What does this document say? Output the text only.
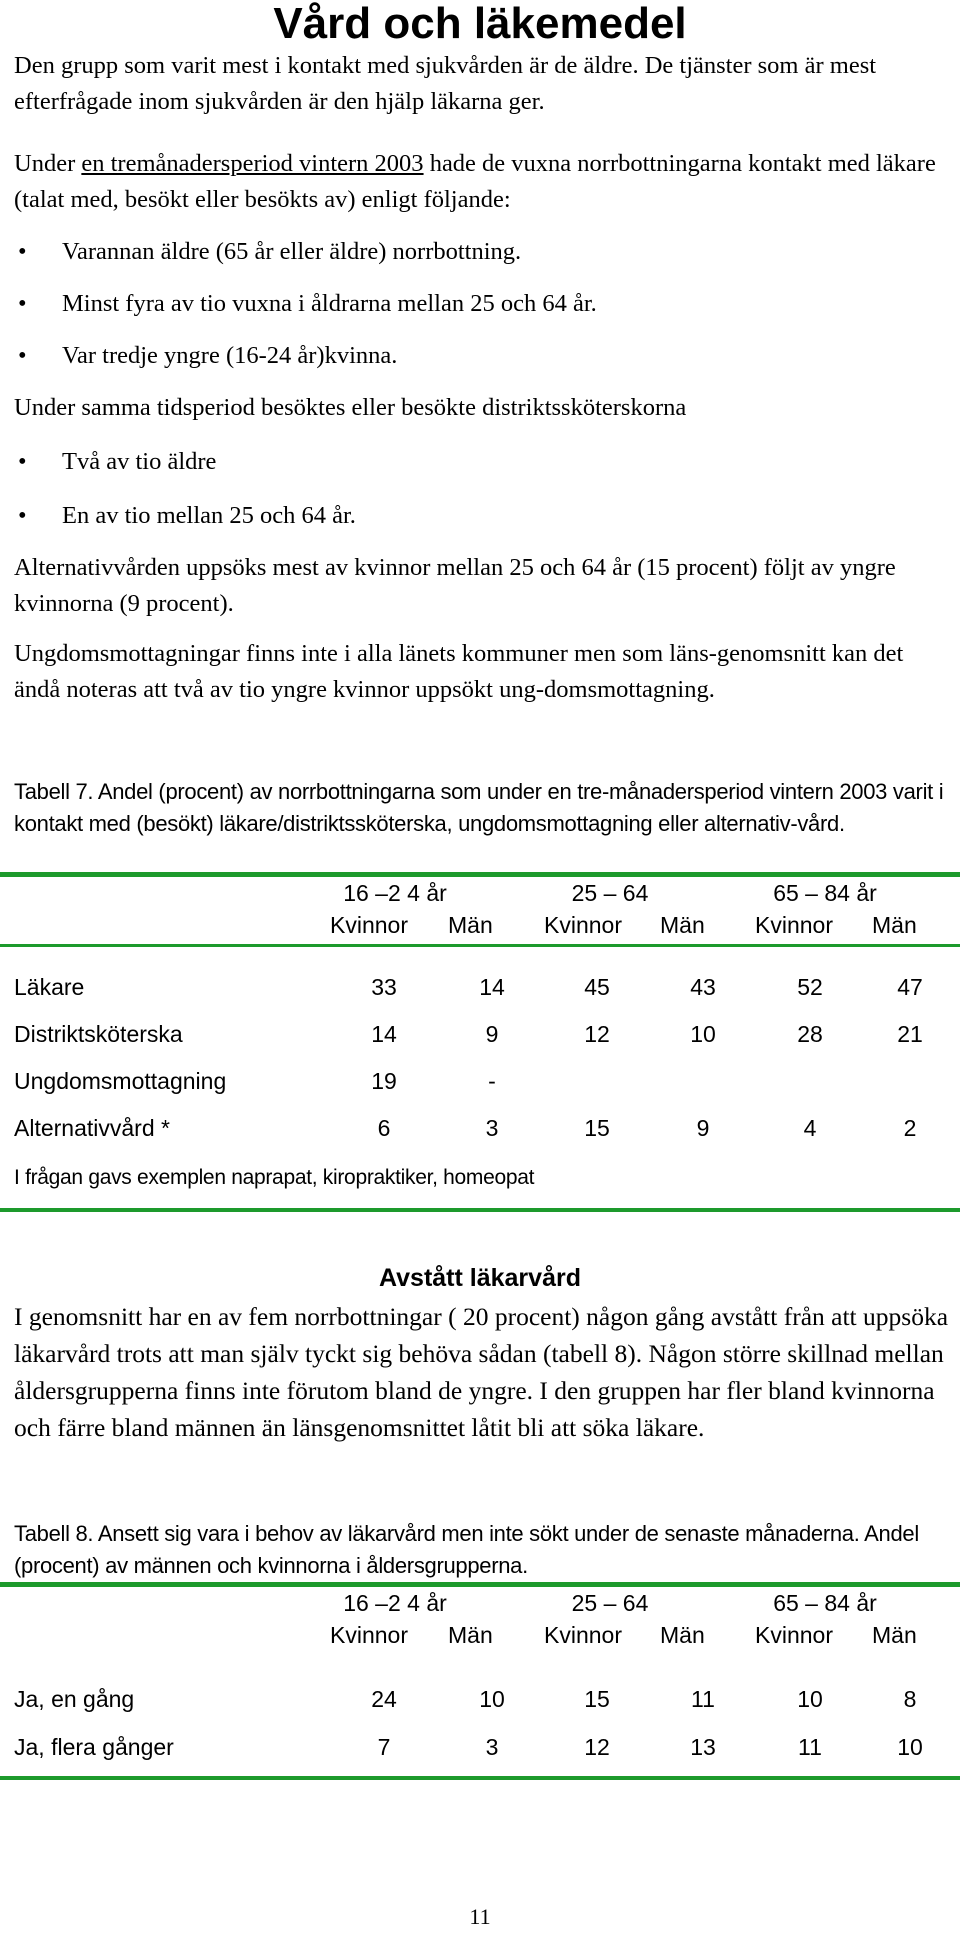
Vård och läkemedel
Den grupp som varit mest i kontakt med sjukvården är de äldre. De tjänster som är mest efterfrågade inom sjukvården är den hjälp läkarna ger.
Under en tremånadersperiod vintern 2003 hade de vuxna norrbottningarna kontakt med läkare (talat med, besökt eller besökts av) enligt följande:
• Varannan äldre (65 år eller äldre) norrbottning.
• Minst fyra av tio vuxna i åldrarna mellan 25 och 64 år.
• Var tredje yngre (16-24 år)kvinna.
Under samma tidsperiod besöktes eller besökte distriktssköterskorna
• Två av tio äldre
• En av tio mellan 25 och 64 år.
Alternativvården uppsöks mest av kvinnor mellan 25 och 64 år (15 procent) följt av yngre kvinnorna (9 procent).
Ungdomsmottagningar finns inte i alla länets kommuner men som läns-genomsnitt kan det ändå noteras att två av tio yngre kvinnor uppsökt ung-domsmottagning.
Tabell 7. Andel (procent) av norrbottningarna som under en tre-månadersperiod vintern 2003 varit i kontakt med (besökt) läkare/distriktssköterska, ungdomsmottagning eller alternativ-vård.
16 –2 4 år	25 – 64	65 – 84 år
Kvinnor Män Kvinnor Män Kvinnor Män
Läkare	33	14	45	43	52	47
Distriktsköterska	14	9	12	10	28	21
Ungdomsmottagning	19	-
Alternativvård *	6	3	15	9	4	2
I frågan gavs exemplen naprapat, kiropraktiker, homeopat
Avstått läkarvård
I genomsnitt har en av fem norrbottningar ( 20 procent) någon gång avstått från att uppsöka läkarvård trots att man själv tyckt sig behöva sådan (tabell 8). Någon större skillnad mellan åldersgrupperna finns inte förutom bland de yngre. I den gruppen har fler bland kvinnorna och färre bland männen än länsgenomsnittet låtit bli att söka läkare.
Tabell 8. Ansett sig vara i behov av läkarvård men inte sökt under de senaste månaderna. Andel (procent) av männen och kvinnorna i åldersgrupperna.
16 –2 4 år	25 – 64	65 – 84 år
Kvinnor Män Kvinnor Män Kvinnor Män
Ja, en gång	24	10	15	11	10	8
Ja, flera gånger	7	3	12	13	11	10
11
